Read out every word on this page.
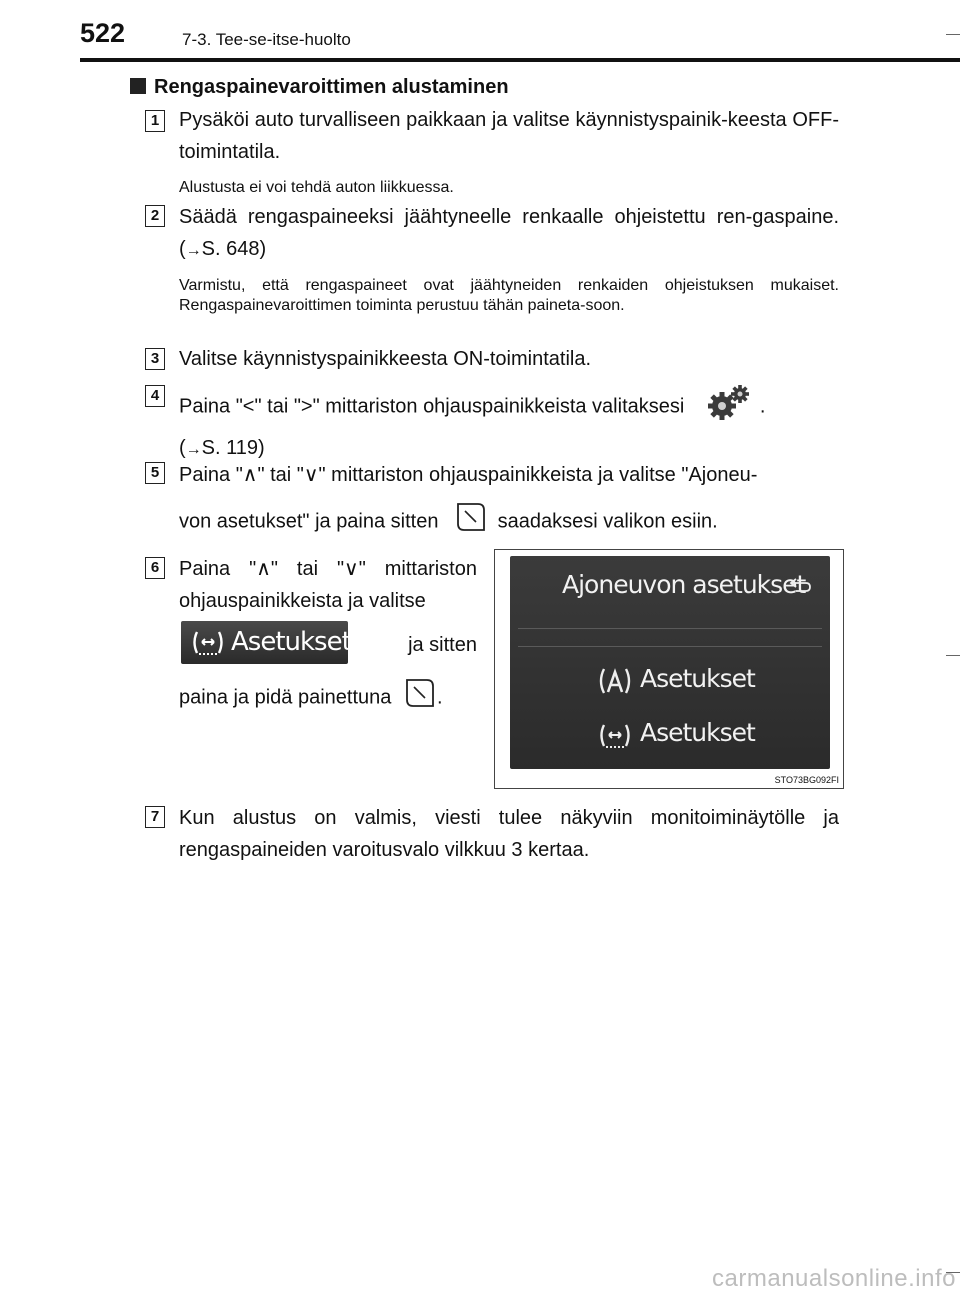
522	7-3. Tee-se-itse-huolto
Rengaspainevaroittimen alustaminen
1 Pysäköi auto turvalliseen paikkaan ja valitse käynnistyspainik-keesta OFF-toimintatila.
Alustusta ei voi tehdä auton liikkuessa.
2 Säädä rengaspaineeksi jäähtyneelle renkaalle ohjeistettu ren-gaspaine. (→S. 648)
Varmistu, että rengaspaineet ovat jäähtyneiden renkaiden ohjeistuksen mukaiset. Rengaspainevaroittimen toiminta perustuu tähän paineta-soon.
3 Valitse käynnistyspainikkeesta ON-toimintatila.
4 Paina "<" tai ">" mittariston ohjauspainikkeista valitaksesi	.
(→S. 119)
5 Paina "∧" tai "∨" mittariston ohjauspainikkeista ja valitse "Ajoneu-
von asetukset" ja paina sitten	saadaksesi valikon esiin.
6 Paina "∧" tai "∨" mittariston ohjauspainikkeista ja valitse
Asetukset	ja sitten
paina ja pidä painettuna .
Ajoneuvon asetukset
Asetukset
Asetukset
STO73BG092FI
7 Kun alustus on valmis, viesti tulee näkyviin monitoiminäytölle ja rengaspaineiden varoitusvalo vilkkuu 3 kertaa.
carmanualsonline.info
